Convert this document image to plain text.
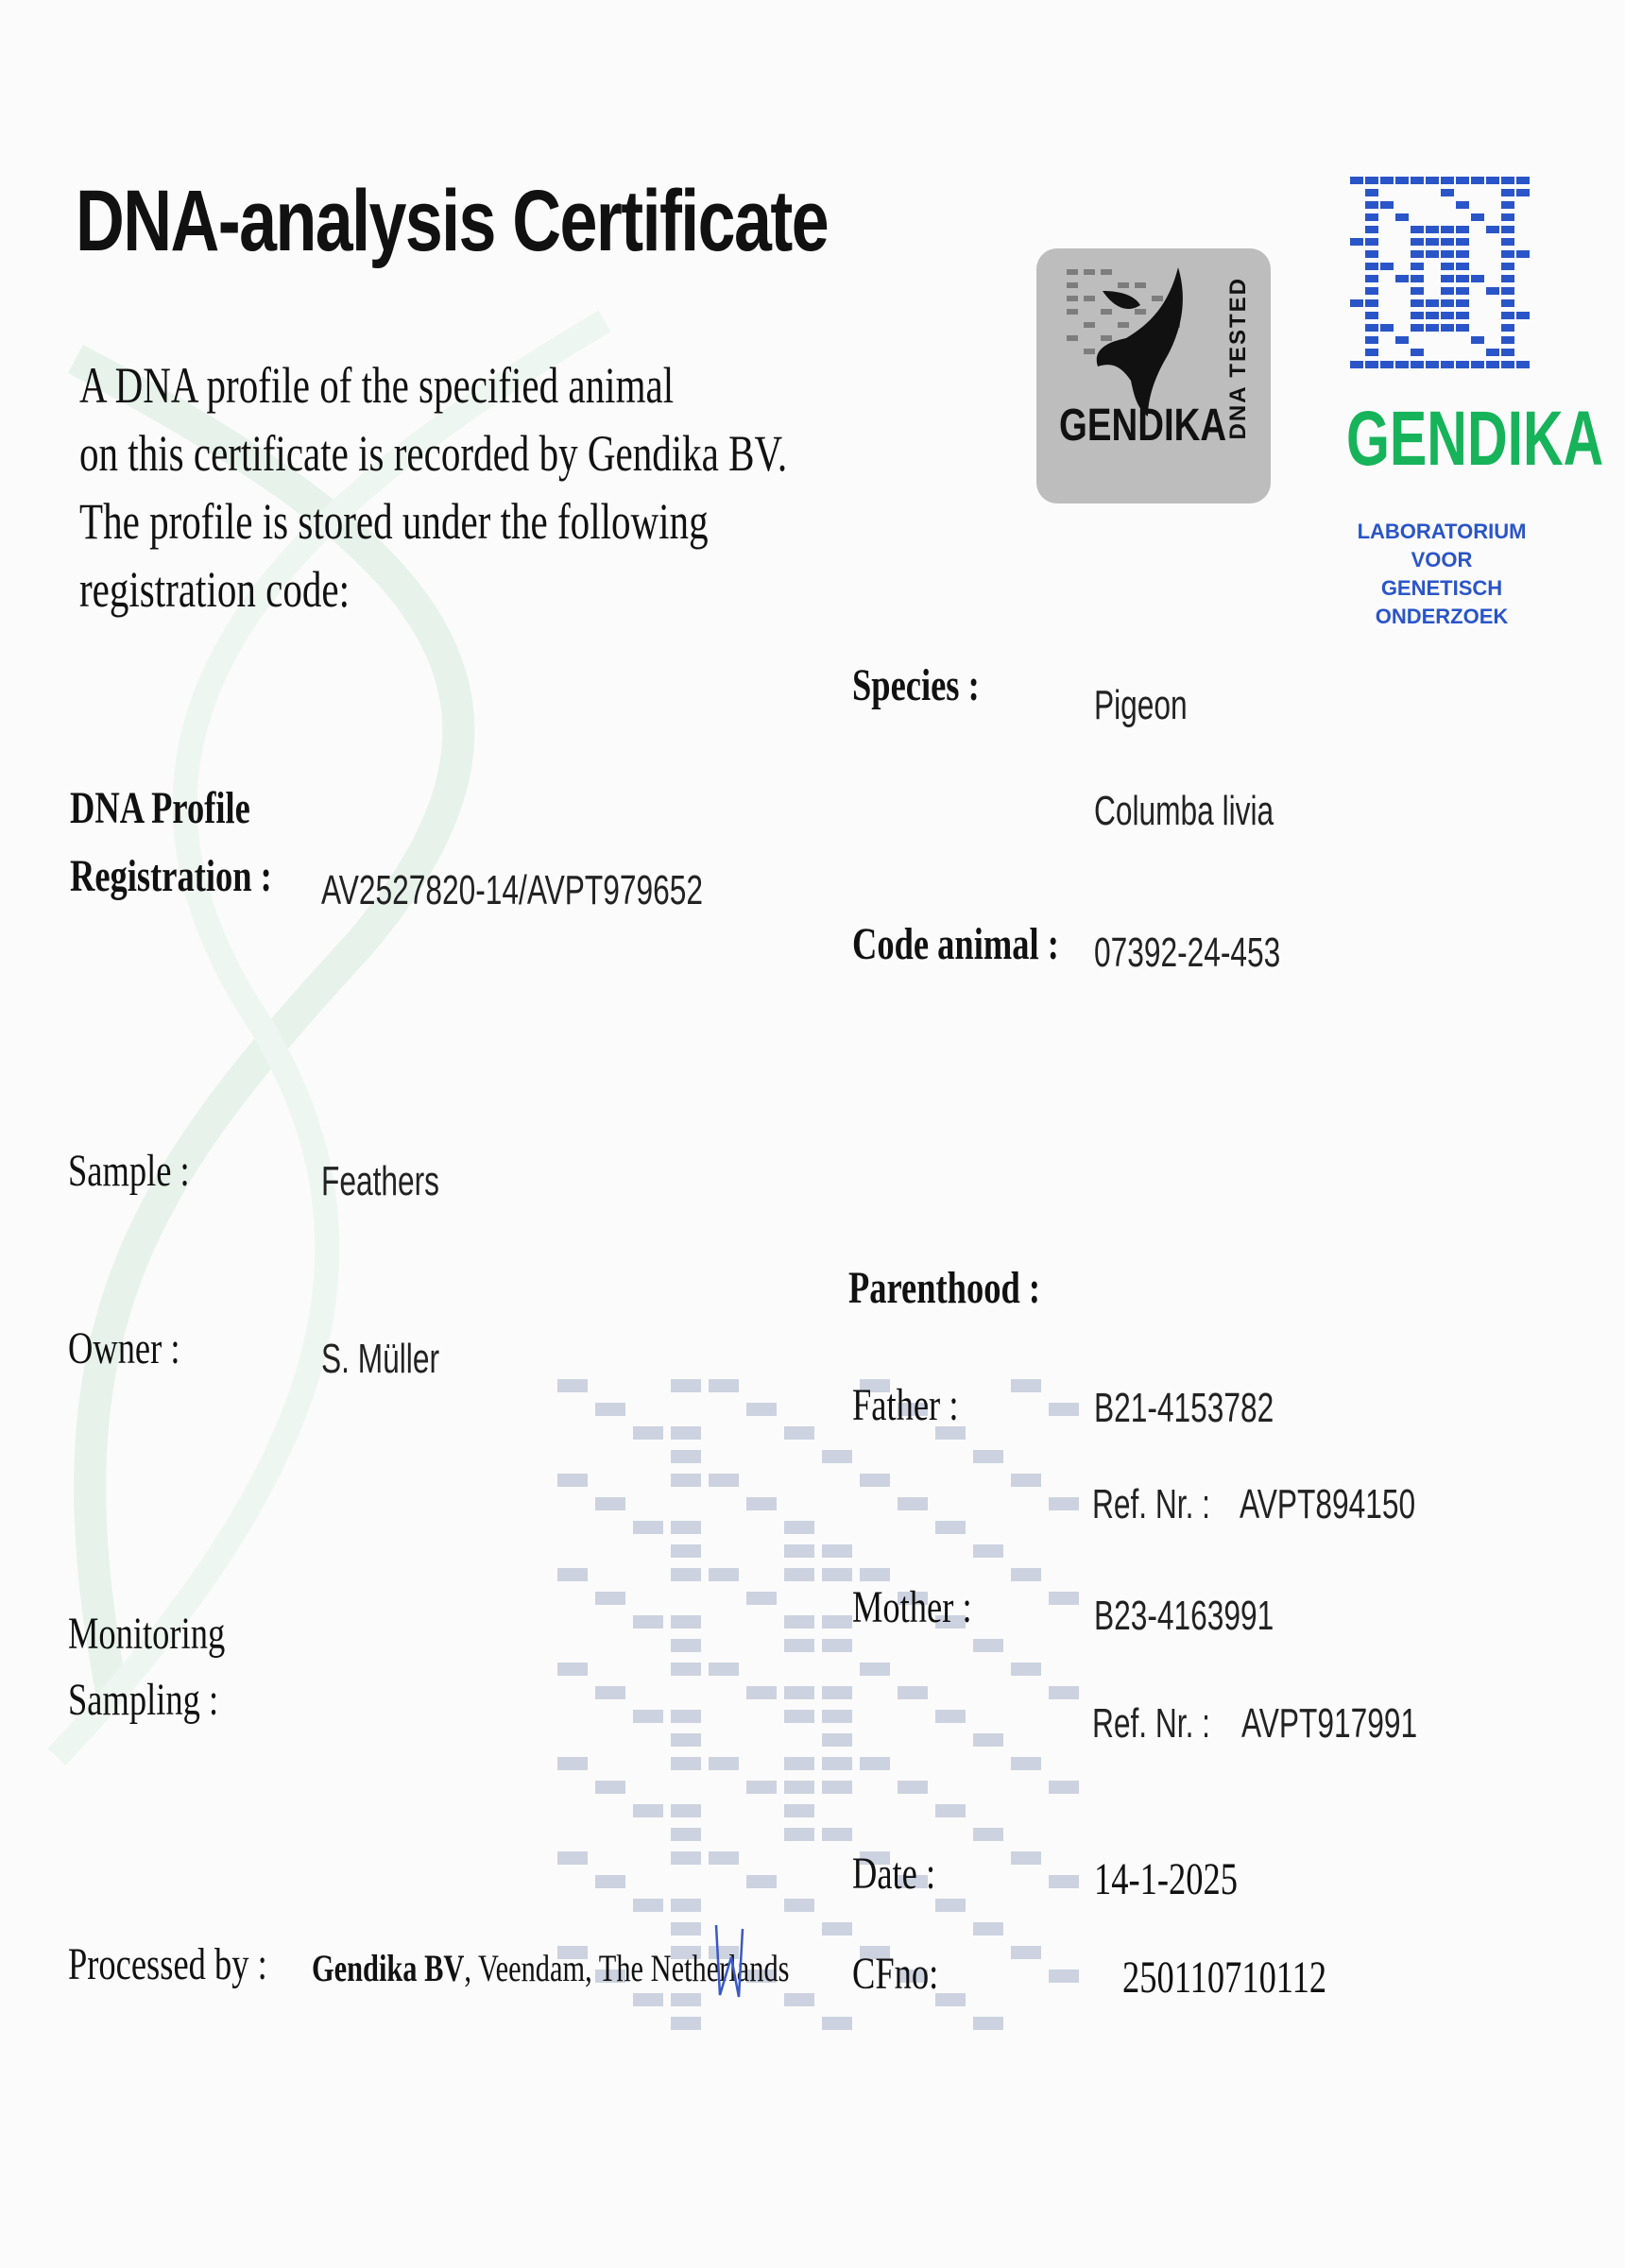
DNA-analysis Certificate
A DNA profile of the specified animal
on this certificate is recorded by Gendika BV.
The profile is stored under the following
registration code:
GENDIKA
DNA TESTED GENDIKA
LABORATORIUM VOOR
GENETISCH ONDERZOEK
DNA Profile
Registration : AV2527820-14/AVPT979652
Sample :	Feathers
Owner :	S. Müller
Monitoring
Sampling :
Processed by : Gendika BV, Veendam, The Netherlands
Species :	Pigeon
Columba livia
Code animal : 07392-24-453
Parenthood :
Father :	B21-4153782
Ref. Nr. : AVPT894150
Mother :	B23-4163991
Ref. Nr. : AVPT917991
Date :	14-1-2025
CFno:	250110710112
